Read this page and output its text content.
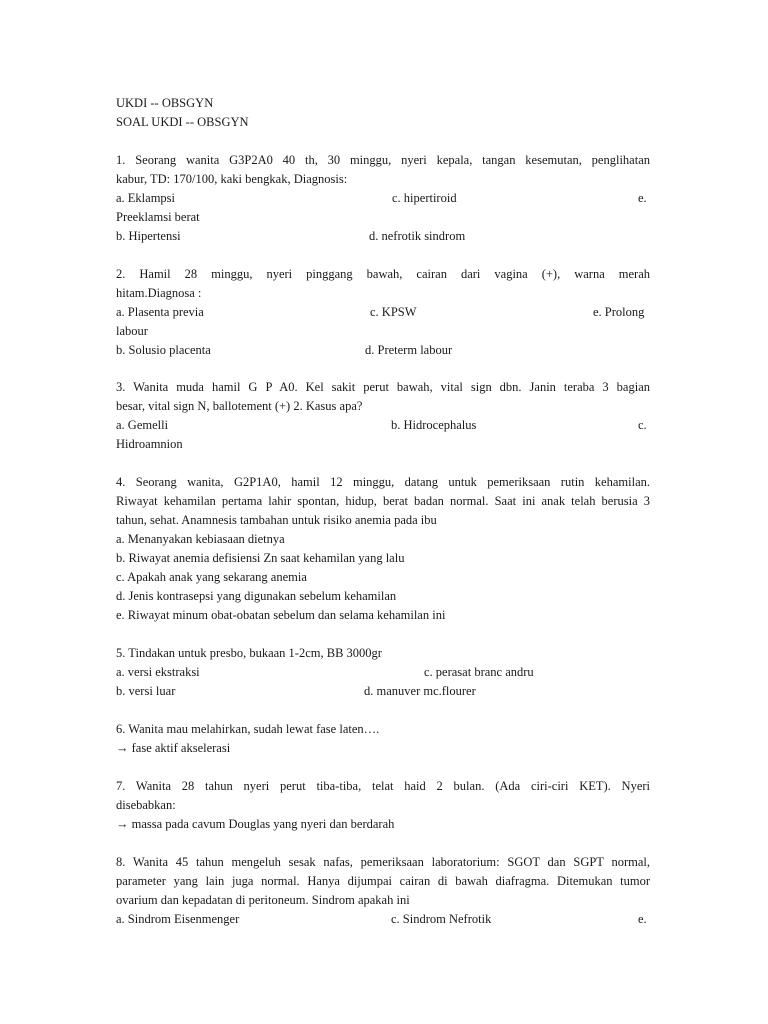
UKDI -- OBSGYN
SOAL UKDI -- OBSGYN
1. Seorang wanita G3P2A0 40 th, 30 minggu, nyeri kepala, tangan kesemutan, penglihatan
kabur, TD: 170/100, kaki bengkak, Diagnosis:
a. Eklampsi	c. hipertiroid	e.
Preeklamsi berat
b. Hipertensi	d. nefrotik sindrom
2. Hamil 28 minggu, nyeri pinggang bawah, cairan dari vagina (+), warna merah
hitam.Diagnosa :
a. Plasenta previa	c. KPSW	e. Prolong
labour
b. Solusio placenta	d. Preterm labour
3. Wanita muda hamil G P A0. Kel sakit perut bawah, vital sign dbn. Janin teraba 3 bagian
besar, vital sign N, ballotement (+) 2. Kasus apa?
a. Gemelli	b. Hidrocephalus	c.
Hidroamnion
4. Seorang wanita, G2P1A0, hamil 12 minggu, datang untuk pemeriksaan rutin kehamilan.
Riwayat kehamilan pertama lahir spontan, hidup, berat badan normal. Saat ini anak telah berusia 3
tahun, sehat. Anamnesis tambahan untuk risiko anemia pada ibu
a. Menanyakan kebiasaan dietnya
b. Riwayat anemia defisiensi Zn saat kehamilan yang lalu
c. Apakah anak yang sekarang anemia
d. Jenis kontrasepsi yang digunakan sebelum kehamilan
e. Riwayat minum obat-obatan sebelum dan selama kehamilan ini
5. Tindakan untuk presbo, bukaan 1-2cm, BB 3000gr
a. versi ekstraksi	c. perasat branc andru
b. versi luar	d. manuver mc.flourer
6. Wanita mau melahirkan, sudah lewat fase laten….
→ fase aktif akselerasi
7. Wanita 28 tahun nyeri perut tiba-tiba, telat haid 2 bulan. (Ada ciri-ciri KET). Nyeri
disebabkan:
→ massa pada cavum Douglas yang nyeri dan berdarah
8. Wanita 45 tahun mengeluh sesak nafas, pemeriksaan laboratorium: SGOT dan SGPT normal,
parameter yang lain juga normal. Hanya dijumpai cairan di bawah diafragma. Ditemukan tumor
ovarium dan kepadatan di peritoneum. Sindrom apakah ini
a. Sindrom Eisenmenger	c. Sindrom Nefrotik	e.
